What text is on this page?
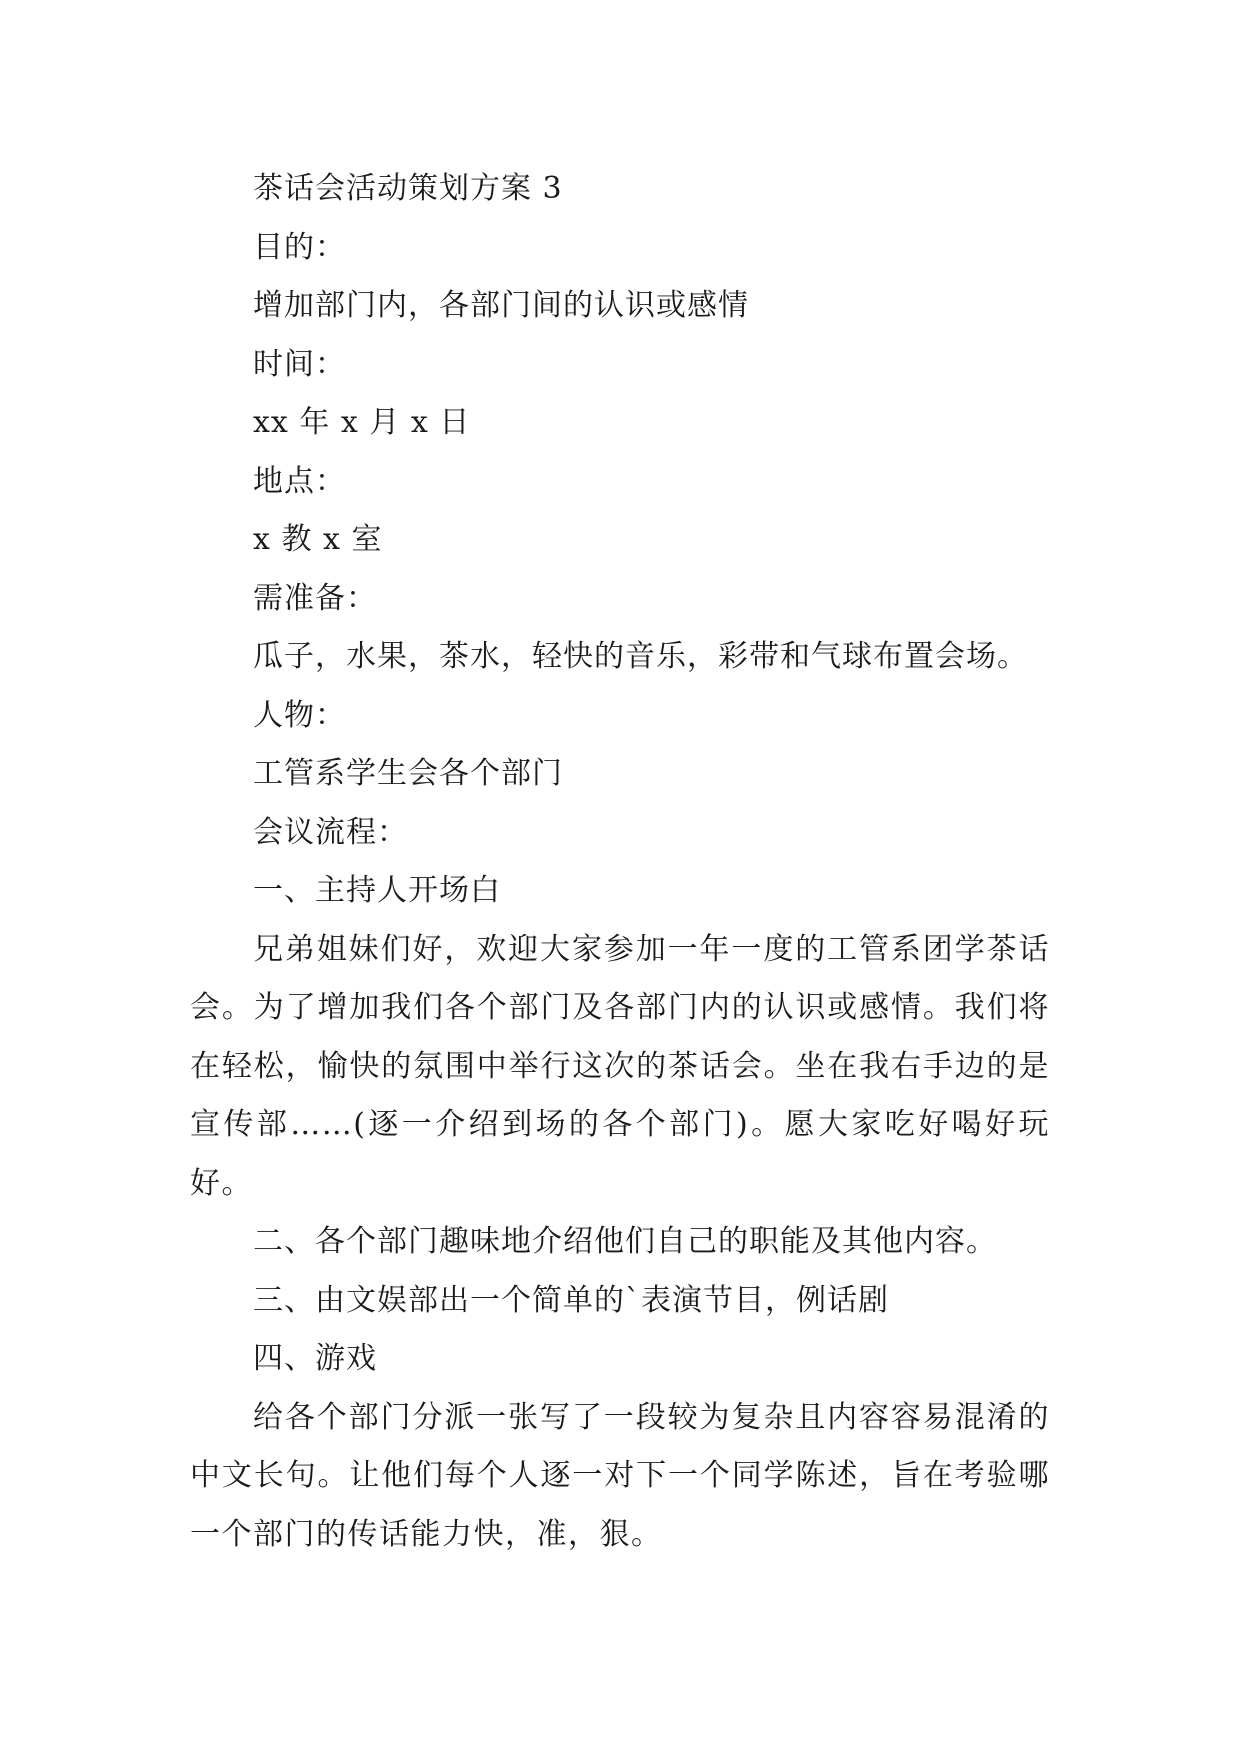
茶话会活动策划方案 3
目的：
增加部门内，各部门间的认识或感情
时间：
xx 年 x 月 x 日
地点：
x 教 x 室
需准备：
瓜子，水果，茶水，轻快的音乐，彩带和气球布置会场。
人物：
工管系学生会各个部门
会议流程：
一、主持人开场白

兄弟姐妹们好，欢迎大家参加一年一度的工管系团学茶话会。为了增加我们各个部门及各部门内的认识或感情。我们将在轻松，愉快的氛围中举行这次的茶话会。坐在我右手边的是宣传部……(逐一介绍到场的各个部门)。愿大家吃好喝好玩好。

二、各个部门趣味地介绍他们自己的职能及其他内容。
三、由文娱部出一个简单的`表演节目，例话剧
四、游戏

给各个部门分派一张写了一段较为复杂且内容容易混淆的中文长句。让他们每个人逐一对下一个同学陈述，旨在考验哪一个部门的传话能力快，准，狠。
